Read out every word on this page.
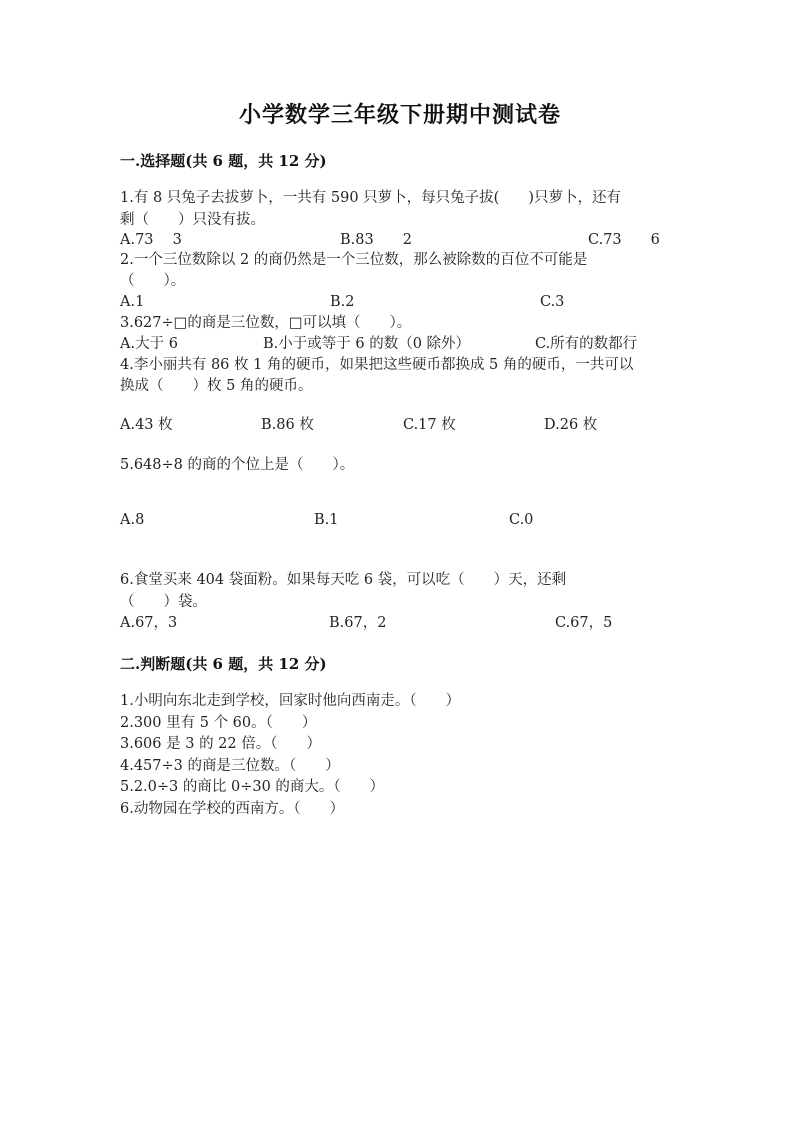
小学数学三年级下册期中测试卷
一.选择题(共 6 题，共 12 分)
1.有 8 只兔子去拔萝卜，一共有 590 只萝卜，每只兔子拔(　　)只萝卜，还有
剩（　　）只没有拔。
A.73　 3	B.83　　2	C.73　　6
2.一个三位数除以 2 的商仍然是一个三位数，那么被除数的百位不可能是
（　　）。
A.1	B.2	C.3
3.627÷□的商是三位数，□可以填（　　）。
A.大于 6	B.小于或等于 6 的数（0 除外）	C.所有的数都行
4.李小丽共有 86 枚 1 角的硬币，如果把这些硬币都换成 5 角的硬币，一共可以
换成（　　）枚 5 角的硬币。
A.43 枚	B.86 枚	C.17 枚	D.26 枚
5.648÷8 的商的个位上是（　　）。
A.8	B.1	C.0
6.食堂买来 404 袋面粉。如果每天吃 6 袋，可以吃（　　）天，还剩
（　　）袋。
A.67，3	B.67，2	C.67，5
二.判断题(共 6 题，共 12 分)
1.小明向东北走到学校，回家时他向西南走。（　　）
2.300 里有 5 个 60。（　　）
3.606 是 3 的 22 倍。（　　）
4.457÷3 的商是三位数。（　　）
5.2.0÷3 的商比 0÷30 的商大。（　　）
6.动物园在学校的西南方。（　　）
